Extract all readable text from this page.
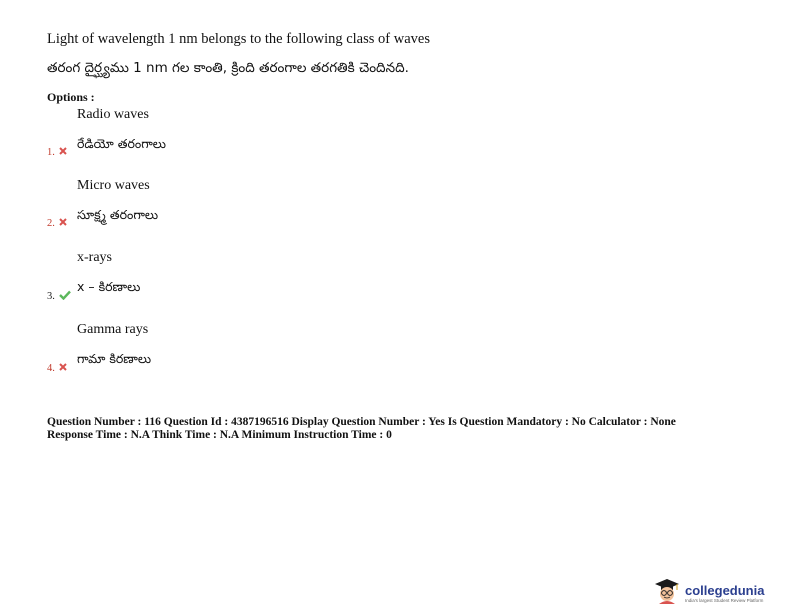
Light of wavelength 1 nm belongs to the following class of waves
తరంగ దైర్ఘ్యము 1 nm గల కాంతి, క్రింది తరంగాల తరగతికి చెందినది.
Options :
Radio waves
రేడియో తరంగాలు
1.
Micro waves
సూక్ష్మ తరంగాలు
2.
x-rays
x – కిరణాలు
3.
Gamma rays
గామా కిరణాలు
4.
Question Number : 116 Question Id : 4387196516 Display Question Number : Yes Is Question Mandatory : No Calculator : None
Response Time : N.A Think Time : N.A Minimum Instruction Time : 0
collegedunia
India's largest Student Review Platform
